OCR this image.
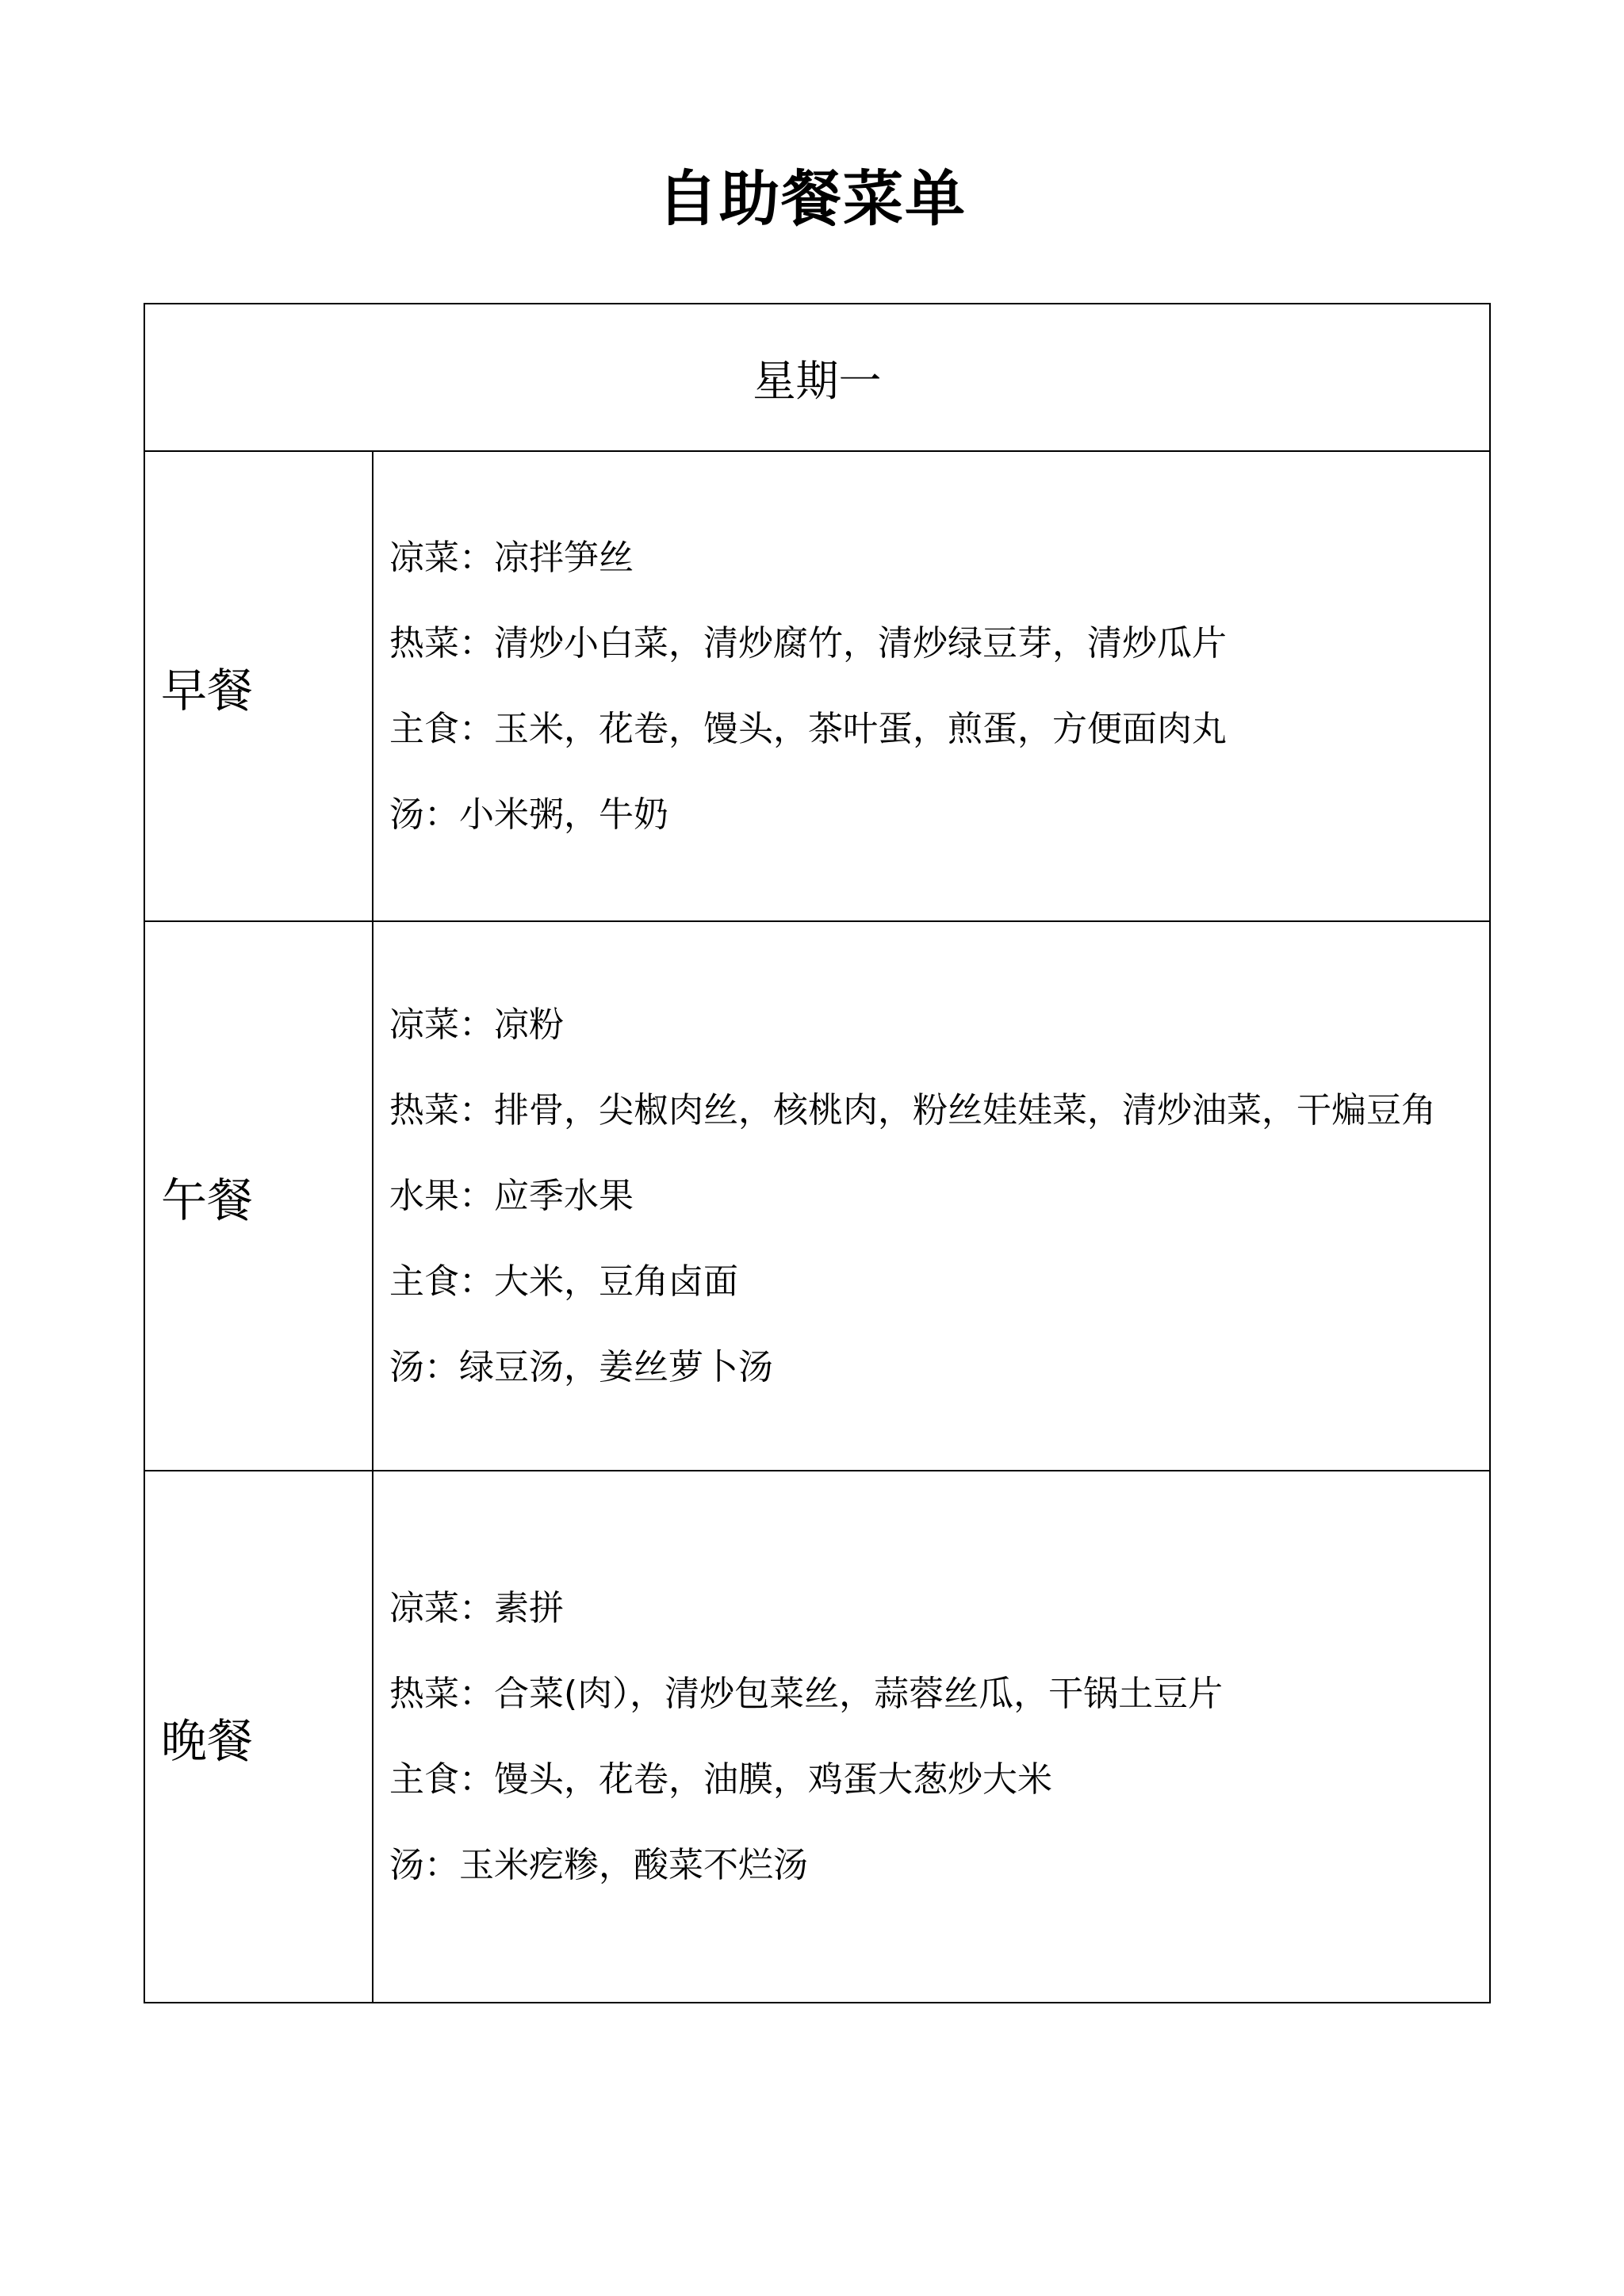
自助餐菜单
星期一	
早餐	凉菜：凉拌笋丝
热菜：清炒小白菜，清炒腐竹，清炒绿豆芽，清炒瓜片
主食：玉米，花卷，馒头，茶叶蛋，煎蛋，方便面肉丸
汤：小米粥，牛奶

午餐	凉菜：凉粉
热菜：排骨，尖椒肉丝，核桃肉，粉丝娃娃菜，清炒油菜，干煸豆角
水果：应季水果
主食：大米，豆角卤面
汤：绿豆汤，姜丝萝卜汤

晚餐	凉菜：素拼
热菜：合菜(肉），清炒包菜丝，蒜蓉丝瓜，干锅土豆片
主食：馒头，花卷，油膜，鸡蛋大葱炒大米
汤：玉米疙糁，酸菜不烂汤
